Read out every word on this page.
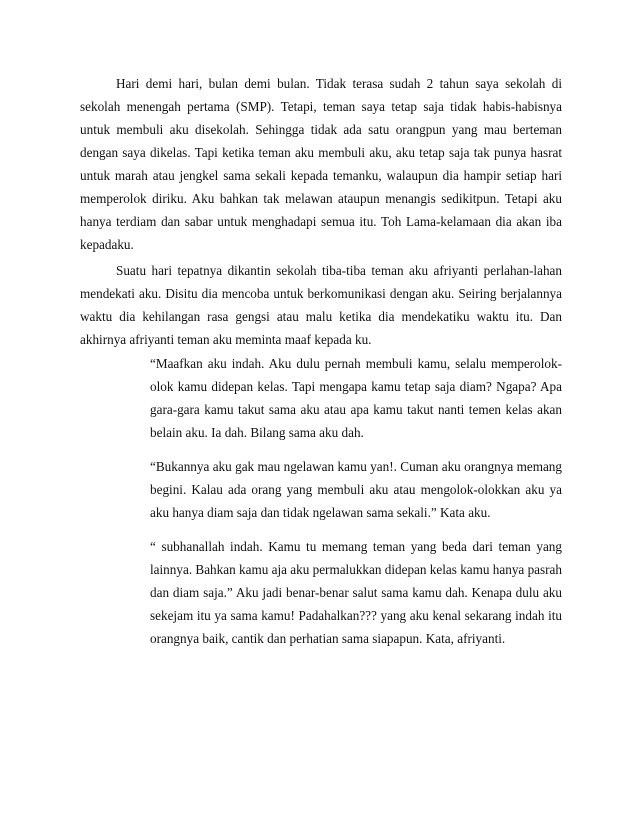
Hari demi hari, bulan demi bulan. Tidak terasa sudah 2 tahun saya sekolah di sekolah menengah pertama (SMP). Tetapi, teman saya tetap saja tidak habis-habisnya untuk membuli aku disekolah. Sehingga tidak ada satu orangpun yang mau berteman dengan saya dikelas. Tapi ketika teman aku membuli aku, aku tetap saja tak punya hasrat untuk marah atau jengkel sama sekali kepada temanku, walaupun dia hampir setiap hari memperolok diriku. Aku bahkan tak melawan ataupun menangis sedikitpun. Tetapi aku hanya terdiam dan sabar untuk menghadapi semua itu. Toh Lama-kelamaan dia akan iba kepadaku.

Suatu hari tepatnya dikantin sekolah tiba-tiba teman aku afriyanti perlahan-lahan mendekati aku. Disitu dia mencoba untuk berkomunikasi dengan aku. Seiring berjalannya waktu dia kehilangan rasa gengsi atau malu ketika dia mendekatiku waktu itu. Dan akhirnya afriyanti teman aku meminta maaf kepada ku.

“Maafkan aku indah. Aku dulu pernah membuli kamu, selalu memperolok-olok kamu didepan kelas. Tapi mengapa kamu tetap saja diam? Ngapa? Apa gara-gara kamu takut sama aku atau apa kamu takut nanti temen kelas akan belain aku. Ia dah. Bilang sama aku dah.

“Bukannya aku gak mau ngelawan kamu yan!. Cuman aku orangnya memang begini. Kalau ada orang yang membuli aku atau mengolok-olokkan aku ya aku hanya diam saja dan tidak ngelawan sama sekali.” Kata aku.

“ subhanallah indah. Kamu tu memang teman yang beda dari teman yang lainnya. Bahkan kamu aja aku permalukkan didepan kelas kamu hanya pasrah dan diam saja.” Aku jadi benar-benar salut sama kamu dah. Kenapa dulu aku sekejam itu ya sama kamu! Padahalkan??? yang aku kenal sekarang indah itu orangnya baik, cantik dan perhatian sama siapapun. Kata, afriyanti.
